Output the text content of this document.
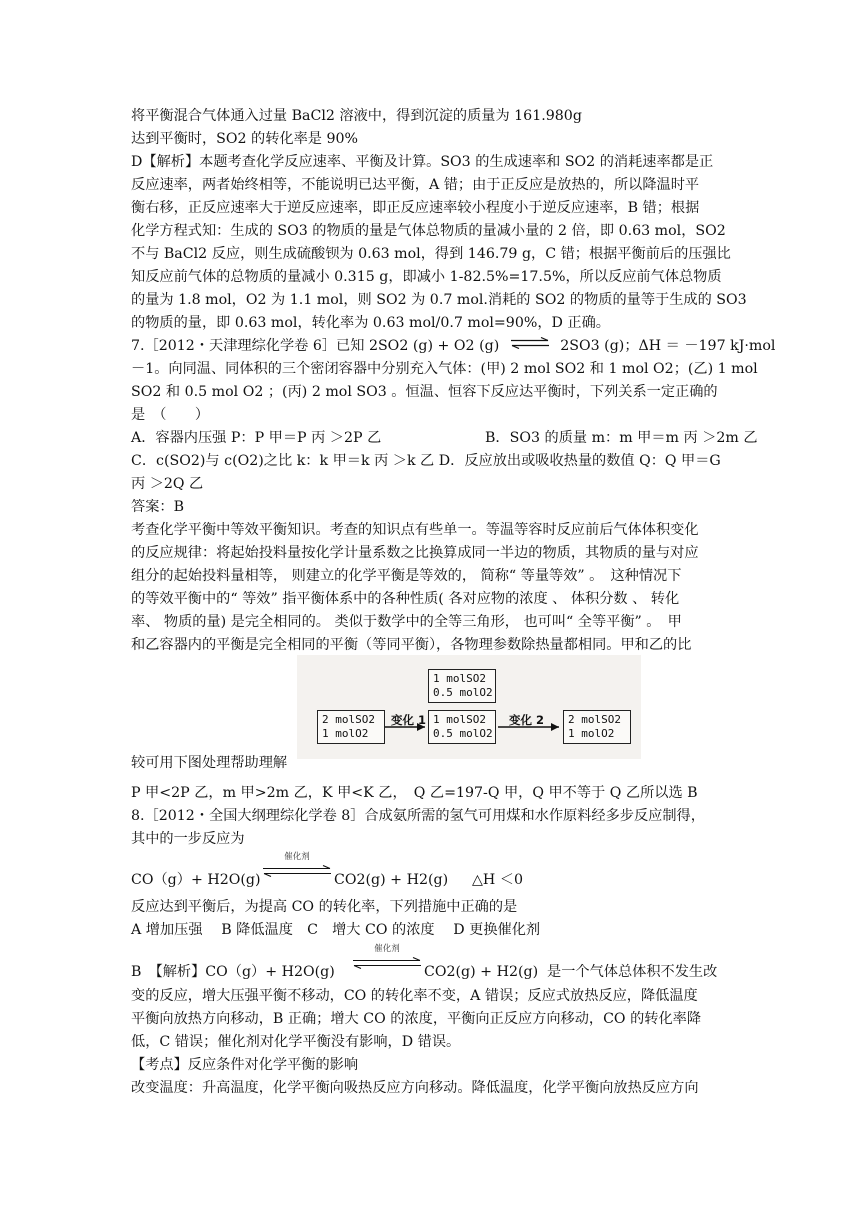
将平衡混合气体通入过量 BaCl2 溶液中，得到沉淀的质量为 161.980g
达到平衡时，SO2 的转化率是 90%
D【解析】本题考查化学反应速率、平衡及计算。SO3 的生成速率和 SO2 的消耗速率都是正
反应速率，两者始终相等，不能说明已达平衡，A 错；由于正反应是放热的，所以降温时平
衡右移，正反应速率大于逆反应速率，即正反应速率较小程度小于逆反应速率，B 错；根据
化学方程式知：生成的 SO3 的物质的量是气体总物质的量减小量的 2 倍，即 0.63 mol，SO2
不与 BaCl2 反应，则生成硫酸钡为 0.63 mol，得到 146.79 g，C 错；根据平衡前后的压强比
知反应前气体的总物质的量减小 0.315 g，即减小 1-82.5%=17.5%，所以反应前气体总物质
的量为 1.8 mol，O2 为 1.1 mol，则 SO2 为 0.7 mol.消耗的 SO2 的物质的量等于生成的 SO3
的物质的量，即 0.63 mol，转化率为 0.63 mol/0.7 mol=90%，D 正确。
7.［2012・天津理综化学卷 6］已知 2SO2 (g) + O2 (g) ⇌ 2SO3 (g)；ΔH ＝ －197 kJ·mol
－1。向同温、同体积的三个密闭容器中分别充入气体：(甲) 2 mol SO2 和 1 mol O2；(乙) 1 mol
SO2 和 0.5 mol O2 ；(丙) 2 mol SO3 。恒温、恒容下反应达平衡时，下列关系一定正确的
是　（　　）
A．容器内压强 P：P 甲＝P 丙 ＞2P 乙	B．SO3 的质量 m：m 甲＝m 丙 ＞2m 乙
C．c(SO2)与 c(O2)之比 k：k 甲＝k 丙 ＞k 乙 D．反应放出或吸收热量的数值 Q：Q 甲＝G
丙 ＞2Q 乙
答案：B
考查化学平衡中等效平衡知识。考查的知识点有些单一。等温等容时反应前后气体体积变化
的反应规律：将起始投料量按化学计量系数之比换算成同一半边的物质，其物质的量与对应
组分的起始投料量相等， 则建立的化学平衡是等效的， 简称“ 等量等效” 。　这种情况下
的等效平衡中的“ 等效” 指平衡体系中的各种性质( 各对应物的浓度 、 体积分数 、 转化
率、 物质的量) 是完全相同的。 类似于数学中的全等三角形， 也可叫“ 全等平衡” 。　甲
和乙容器内的平衡是完全相同的平衡（等同平衡），各物理参数除热量都相同。甲和乙的比
2 molSO2
1 molO2
变化 1
1 molSO2
0.5 molO2
1 molSO2
0.5 molO2
变化 2 2 molSO2
1 molO2
较可用下图处理帮助理解
P 甲<2P 乙，m 甲>2m 乙，K 甲<K 乙，　Q 乙=197-Q 甲，Q 甲不等于 Q 乙所以选 B
8.［2012・全国大纲理综化学卷 8］合成氨所需的氢气可用煤和水作原料经多步反应制得，
其中的一步反应为
CO（g）+ H2O(g)
催化剂
CO2(g) + H2(g) △H ＜0
反应达到平衡后，为提高 CO 的转化率，下列措施中正确的是
A 增加压强　 B 降低温度　C　增大 CO 的浓度　 D 更换催化剂
B　【解析】CO（g）+ H2O(g)
催化剂
CO2(g) + H2(g) 是一个气体总体积不发生改
变的反应，增大压强平衡不移动，CO 的转化率不变，A 错误；反应式放热反应，降低温度
平衡向放热方向移动，B 正确；增大 CO 的浓度，平衡向正反应方向移动，CO 的转化率降
低，C 错误；催化剂对化学平衡没有影响，D 错误。
【考点】反应条件对化学平衡的影响
改变温度：升高温度，化学平衡向吸热反应方向移动。降低温度，化学平衡向放热反应方向
